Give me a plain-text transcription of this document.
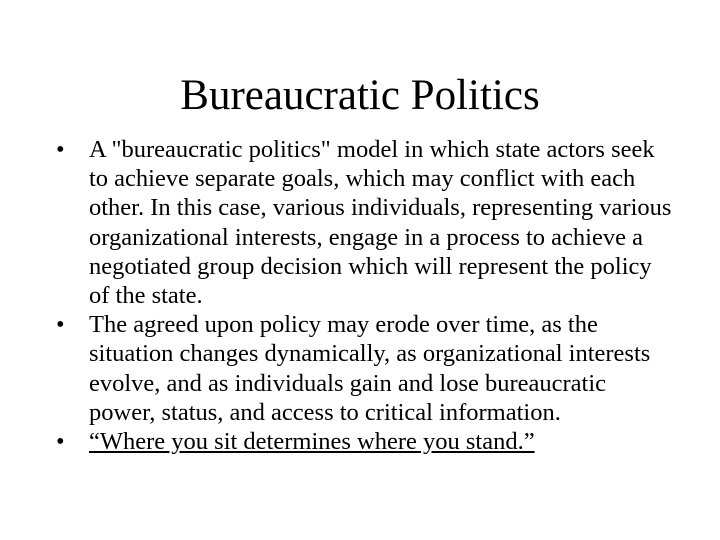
Bureaucratic Politics
• A "bureaucratic politics" model in which state actors seek to achieve separate goals, which may conflict with each other. In this case, various individuals, representing various organizational interests, engage in a process to achieve a negotiated group decision which will represent the policy of the state.
• The agreed upon policy may erode over time, as the situation changes dynamically, as organizational interests evolve, and as individuals gain and lose bureaucratic power, status, and access to critical information.
• “Where you sit determines where you stand.”
